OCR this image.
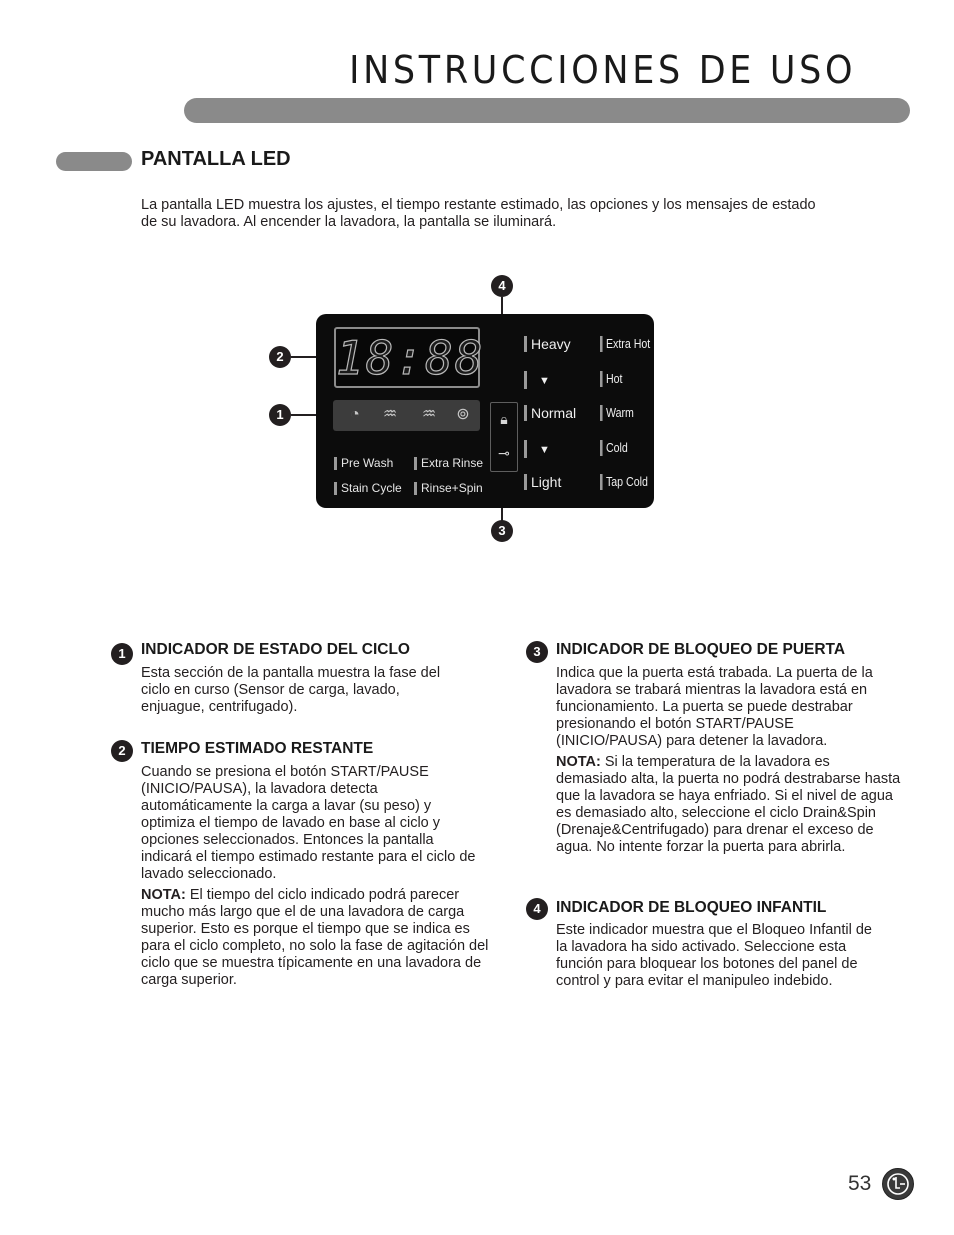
INSTRUCCIONES DE USO
PANTALLA LED

La pantalla LED muestra los ajustes, el tiempo restante estimado, las opciones y los mensajes de estado de su lavadora. Al encender la lavadora, la pantalla se iluminará.

4
2
1
3
18:88
◔	♒	♒	⊚
Pre Wash	Extra Rinse
Stain Cycle	Rinse+Spin
🔒︎
⊸
Heavy
▼
Normal
▼
Light
Extra Hot
Hot
Warm
Cold
Tap Cold
1 INDICADOR DE ESTADO DEL CICLO

Esta sección de la pantalla muestra la fase del ciclo en curso (Sensor de carga, lavado, enjuague, centrifugado).

2 TIEMPO ESTIMADO RESTANTE

Cuando se presiona el botón START/PAUSE (INICIO/PAUSA), la lavadora detecta automáticamente la carga a lavar (su peso) y optimiza el tiempo de lavado en base al ciclo y opciones seleccionados. Entonces la pantalla indicará el tiempo estimado restante para el ciclo de lavado seleccionado.

NOTA: El tiempo del ciclo indicado podrá parecer mucho más largo que el de una lavadora de carga superior. Esto es porque el tiempo que se indica es para el ciclo completo, no solo la fase de agitación del ciclo que se muestra típicamente en una lavadora de carga superior.

3 INDICADOR DE BLOQUEO DE PUERTA

Indica que la puerta está trabada. La puerta de la lavadora se trabará mientras la lavadora está en funcionamiento. La puerta se puede destrabar presionando el botón START/PAUSE (INICIO/PAUSA) para detener la lavadora.

NOTA: Si la temperatura de la lavadora es demasiado alta, la puerta no podrá destrabarse hasta que la lavadora se haya enfriado. Si el nivel de agua es demasiado alto, seleccione el ciclo Drain&Spin (Drenaje&Centrifugado) para drenar el exceso de agua. No intente forzar la puerta para abrirla.

4 INDICADOR DE BLOQUEO INFANTIL

Este indicador muestra que el Bloqueo Infantil de la lavadora ha sido activado. Seleccione esta función para bloquear los botones del panel de control y para evitar el manipuleo indebido.

53
